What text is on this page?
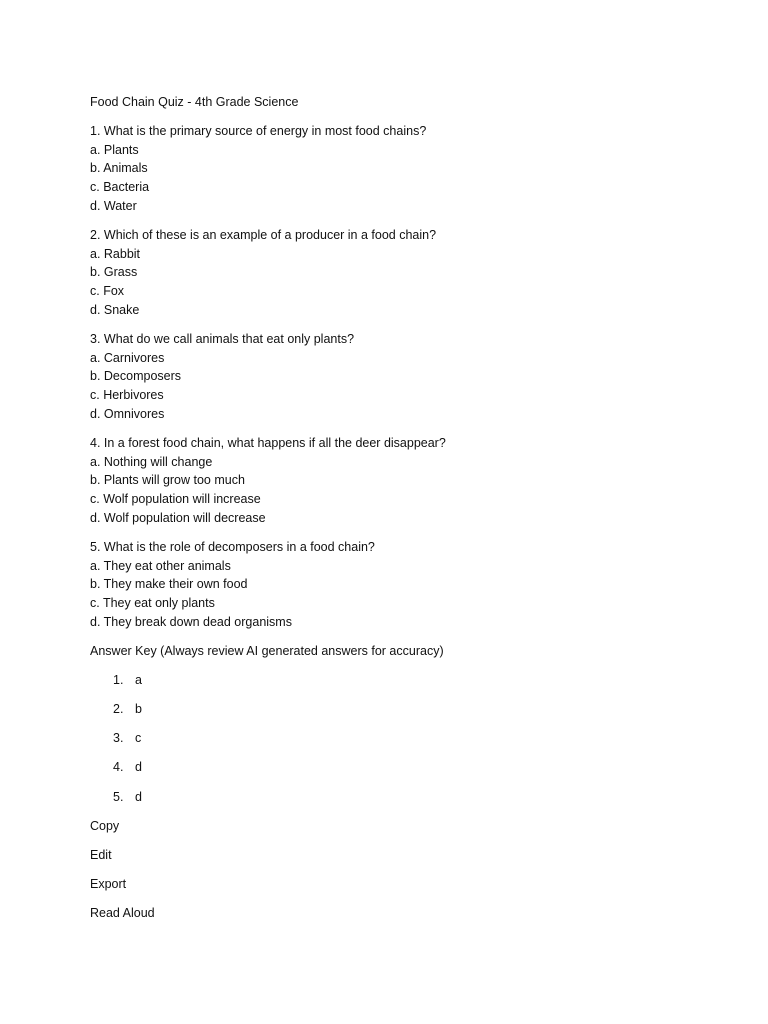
Food Chain Quiz - 4th Grade Science
1. What is the primary source of energy in most food chains?
a. Plants
b. Animals
c. Bacteria
d. Water
2. Which of these is an example of a producer in a food chain?
a. Rabbit
b. Grass
c. Fox
d. Snake
3. What do we call animals that eat only plants?
a. Carnivores
b. Decomposers
c. Herbivores
d. Omnivores
4. In a forest food chain, what happens if all the deer disappear?
a. Nothing will change
b. Plants will grow too much
c. Wolf population will increase
d. Wolf population will decrease
5. What is the role of decomposers in a food chain?
a. They eat other animals
b. They make their own food
c. They eat only plants
d. They break down dead organisms
Answer Key (Always review AI generated answers for accuracy)
1. a
2. b
3. c
4. d
5. d
Copy
Edit
Export
Read Aloud
